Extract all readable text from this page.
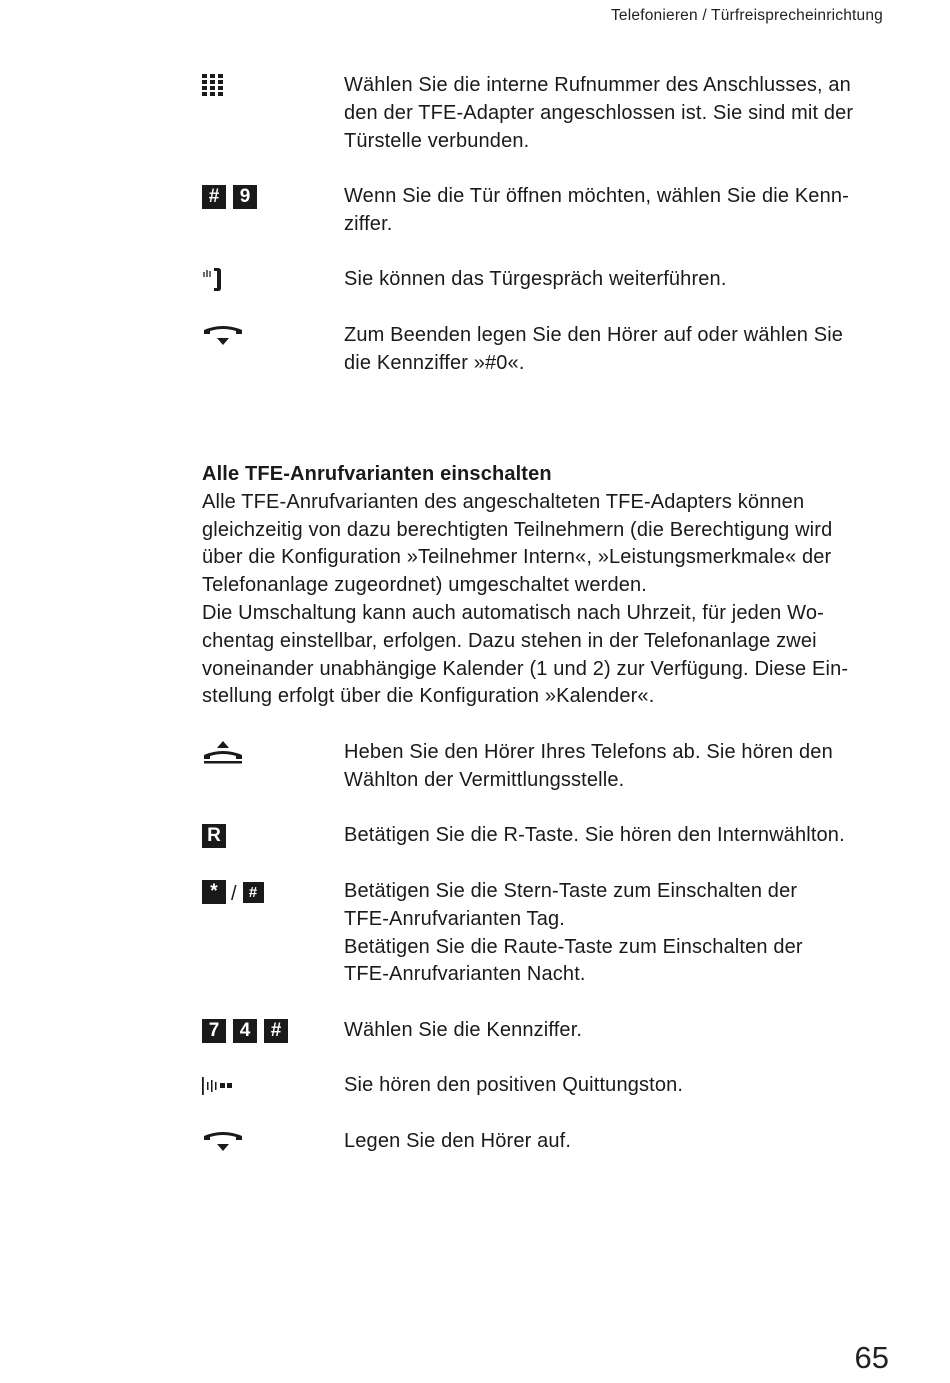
Telefonieren / Türfreisprecheinrichtung
Wählen Sie die interne Rufnummer des Anschlusses, an
den der TFE-Adapter angeschlossen ist. Sie sind mit der
Türstelle verbunden.
#	9	Wenn Sie die Tür öffnen möchten, wählen Sie die Kenn-
ziffer.
Sie können das Türgespräch weiterführen.
Zum Beenden legen Sie den Hörer auf oder wählen Sie
die Kennziffer »#0«.
Alle TFE-Anrufvarianten einschalten
Alle TFE-Anrufvarianten des angeschalteten TFE-Adapters können
gleichzeitig von dazu berechtigten Teilnehmern (die Berechtigung wird
über die Konfiguration »Teilnehmer Intern«, »Leistungsmerkmale« der
Telefonanlage zugeordnet) umgeschaltet werden.
Die Umschaltung kann auch automatisch nach Uhrzeit, für jeden Wo-
chentag einstellbar, erfolgen. Dazu stehen in der Telefonanlage zwei
voneinander unabhängige Kalender (1 und 2) zur Verfügung. Diese Ein-
stellung erfolgt über die Konfiguration »Kalender«.
Heben Sie den Hörer Ihres Telefons ab. Sie hören den
Wählton der Vermittlungsstelle.
R	Betätigen Sie die R-Taste. Sie hören den Internwählton.
* / #	Betätigen Sie die Stern-Taste zum Einschalten der
TFE-Anrufvarianten Tag.
Betätigen Sie die Raute-Taste zum Einschalten der
TFE-Anrufvarianten Nacht.
7	4	#	Wählen Sie die Kennziffer.
Sie hören den positiven Quittungston.
Legen Sie den Hörer auf.
65
